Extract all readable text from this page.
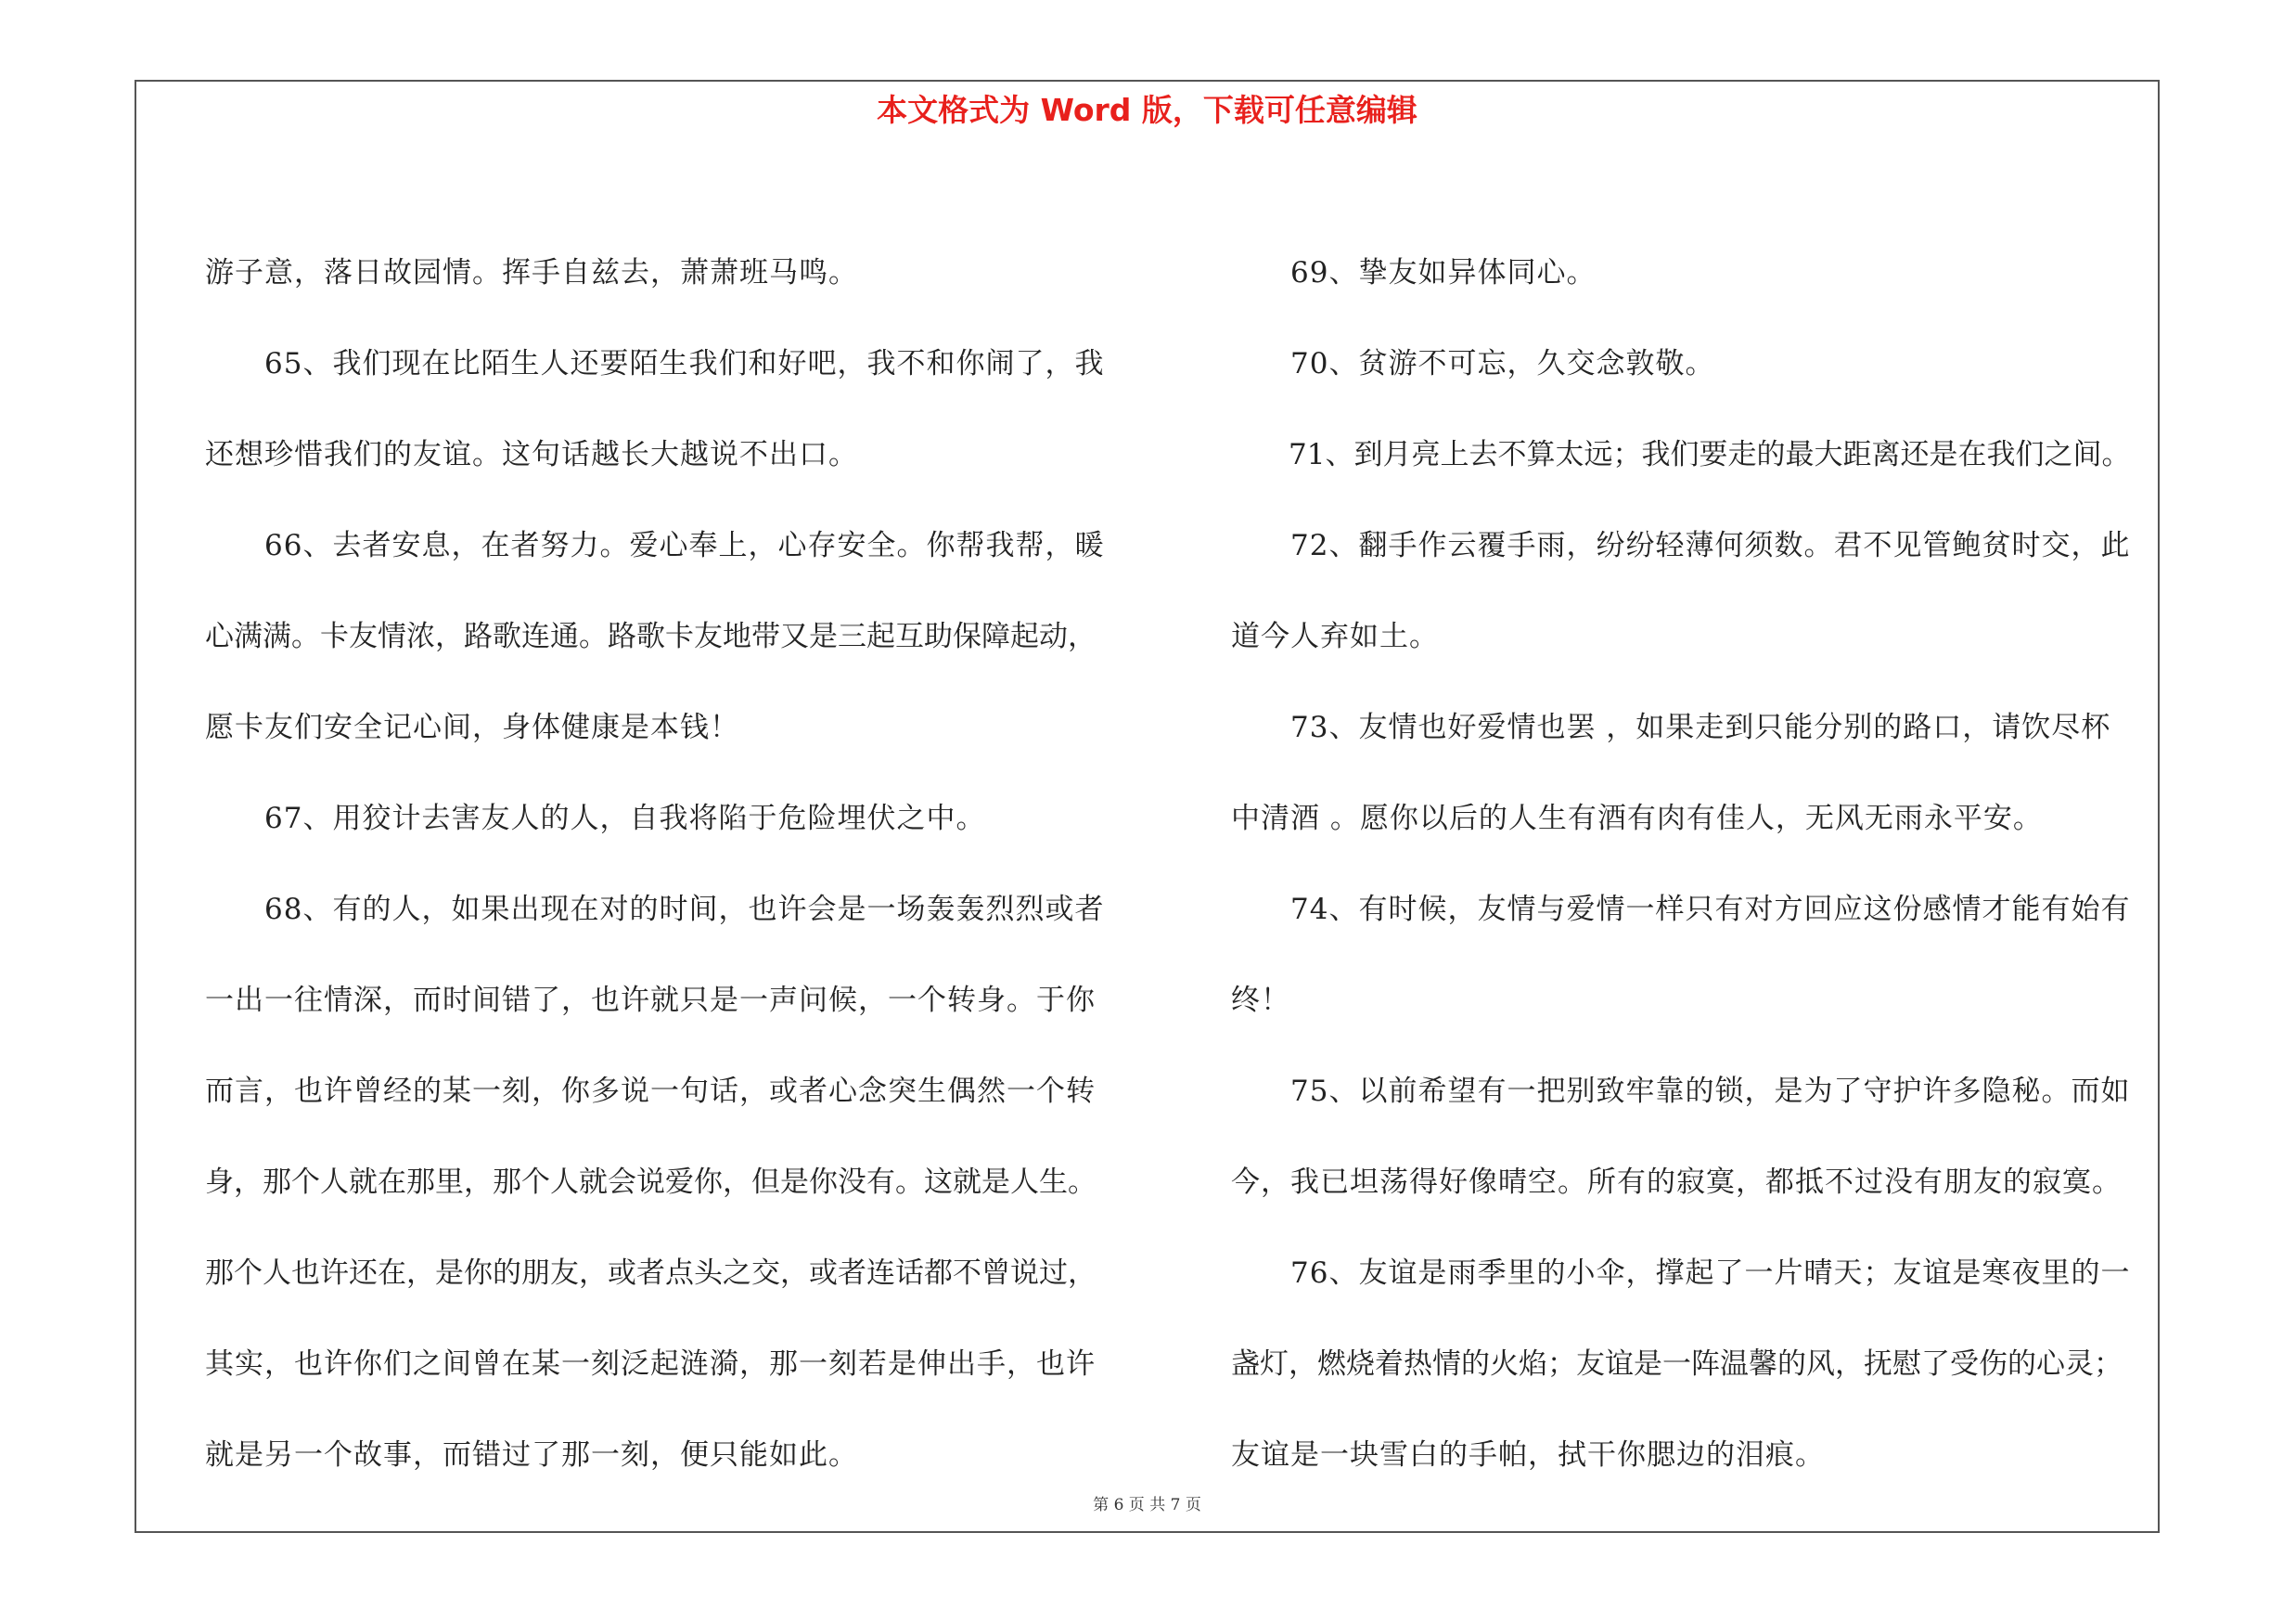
本文格式为 Word 版，下载可任意编辑
游子意，落日故园情。挥手自兹去，萧萧班马鸣。
　　65、我们现在比陌生人还要陌生我们和好吧，我不和你闹了，我
还想珍惜我们的友谊。这句话越长大越说不出口。
　　66、去者安息，在者努力。爱心奉上，心存安全。你帮我帮，暖
心满满。卡友情浓，路歌连通。路歌卡友地带又是三起互助保障起动，
愿卡友们安全记心间，身体健康是本钱！
　　67、用狡计去害友人的人，自我将陷于危险埋伏之中。
　　68、有的人，如果出现在对的时间，也许会是一场轰轰烈烈或者
一出一往情深，而时间错了，也许就只是一声问候，一个转身。于你
而言，也许曾经的某一刻，你多说一句话，或者心念突生偶然一个转
身，那个人就在那里，那个人就会说爱你，但是你没有。这就是人生。
那个人也许还在，是你的朋友，或者点头之交，或者连话都不曾说过，
其实，也许你们之间曾在某一刻泛起涟漪，那一刻若是伸出手，也许
就是另一个故事，而错过了那一刻，便只能如此。
　　69、挚友如异体同心。
　　70、贫游不可忘，久交念敦敬。
　　71、到月亮上去不算太远；我们要走的最大距离还是在我们之间。
　　72、翻手作云覆手雨，纷纷轻薄何须数。君不见管鲍贫时交，此
道今人弃如土。
　　73、友情也好爱情也罢 ，如果走到只能分别的路口，请饮尽杯
中清酒 。愿你以后的人生有酒有肉有佳人，无风无雨永平安。
　　74、有时候，友情与爱情一样只有对方回应这份感情才能有始有
终！
　　75、以前希望有一把别致牢靠的锁，是为了守护许多隐秘。而如
今，我已坦荡得好像晴空。所有的寂寞，都抵不过没有朋友的寂寞。
　　76、友谊是雨季里的小伞，撑起了一片晴天；友谊是寒夜里的一
盏灯，燃烧着热情的火焰；友谊是一阵温馨的风，抚慰了受伤的心灵；
友谊是一块雪白的手帕，拭干你腮边的泪痕。
第 6 页 共 7 页
